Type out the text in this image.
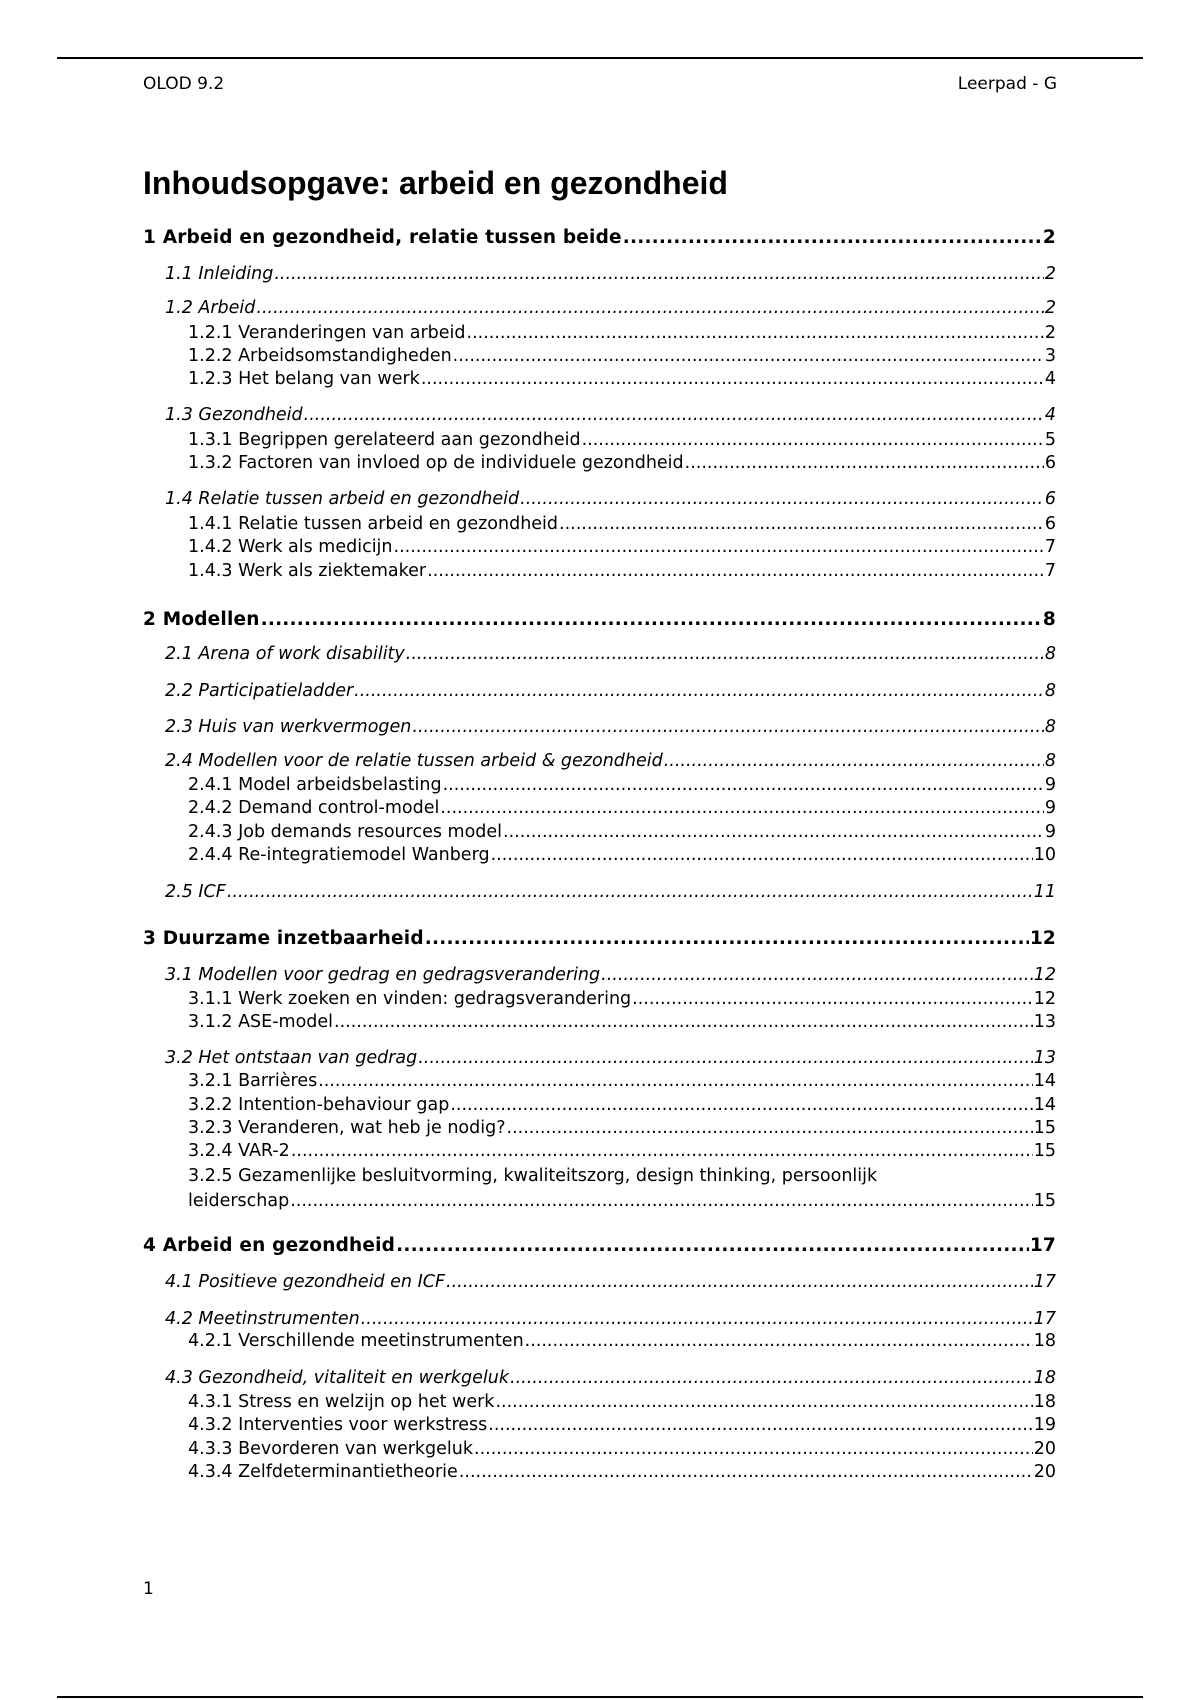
OLOD 9.2	Leerpad - G
Inhoudsopgave: arbeid en gezondheid
1 Arbeid en gezondheid, relatie tussen beide .....	2
1.1 Inleiding .....	2
1.2 Arbeid .....	2
1.2.1 Veranderingen van arbeid .....	2
1.2.2 Arbeidsomstandigheden .....	3
1.2.3 Het belang van werk .....	4
1.3 Gezondheid .....	4
1.3.1 Begrippen gerelateerd aan gezondheid .....	5
1.3.2 Factoren van invloed op de individuele gezondheid .....	6
1.4 Relatie tussen arbeid en gezondheid .....	6
1.4.1 Relatie tussen arbeid en gezondheid .....	6
1.4.2 Werk als medicijn .....	7
1.4.3 Werk als ziektemaker .....	7
2 Modellen .....	8
2.1 Arena of work disability .....	8
2.2 Participatieladder .....	8
2.3 Huis van werkvermogen .....	8
2.4 Modellen voor de relatie tussen arbeid & gezondheid .....	8
2.4.1 Model arbeidsbelasting .....	9
2.4.2 Demand control-model .....	9
2.4.3 Job demands resources model .....	9
2.4.4 Re-integratiemodel Wanberg .....	10
2.5 ICF .....	11
3 Duurzame inzetbaarheid .....	12
3.1 Modellen voor gedrag en gedragsverandering .....	12
3.1.1 Werk zoeken en vinden: gedragsverandering .....	12
3.1.2 ASE-model .....	13
3.2 Het ontstaan van gedrag .....	13
3.2.1 Barrières .....	14
3.2.2 Intention-behaviour gap .....	14
3.2.3 Veranderen, wat heb je nodig? .....	15
3.2.4 VAR-2 .....	15
3.2.5 Gezamenlijke besluitvorming, kwaliteitszorg, design thinking, persoonlijk
leiderschap .....	15
4 Arbeid en gezondheid .....	17
4.1 Positieve gezondheid en ICF .....	17
4.2 Meetinstrumenten .....	17
4.2.1 Verschillende meetinstrumenten .....	18
4.3 Gezondheid, vitaliteit en werkgeluk .....	18
4.3.1 Stress en welzijn op het werk .....	18
4.3.2 Interventies voor werkstress .....	19
4.3.3 Bevorderen van werkgeluk .....	20
4.3.4 Zelfdeterminantietheorie .....	20
1
